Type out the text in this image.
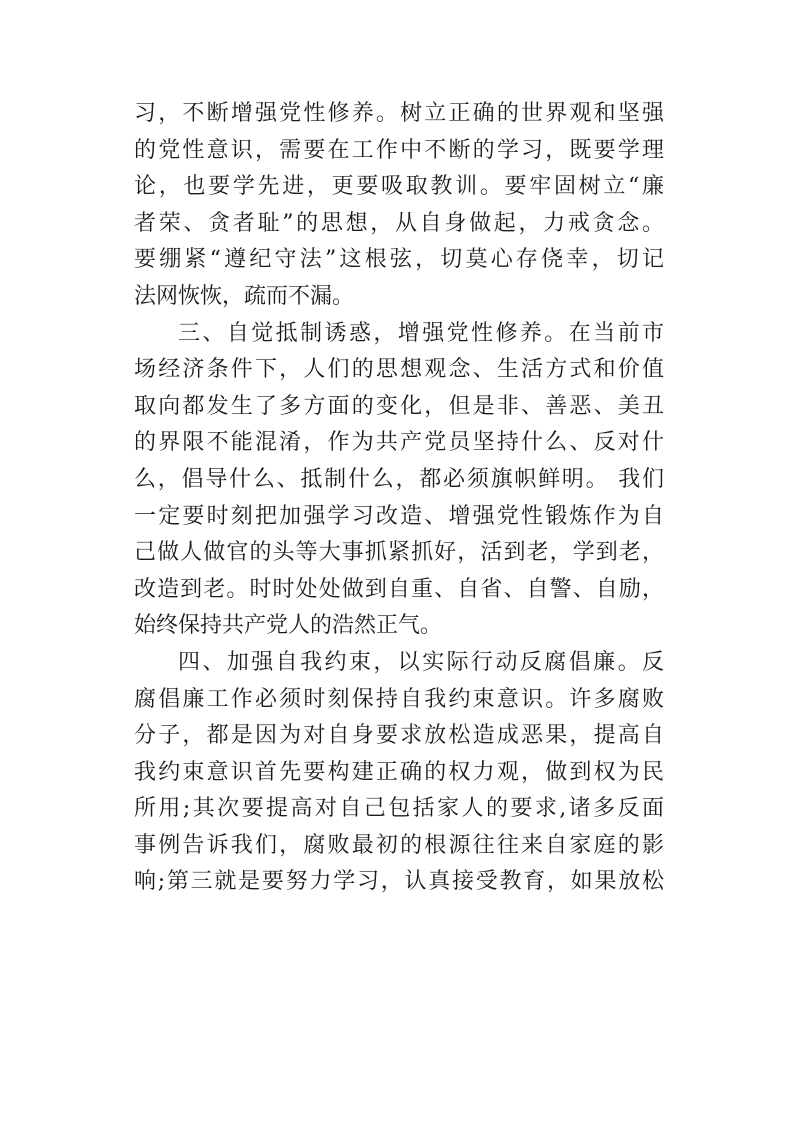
习，不断增强党性修养。树立正确的世界观和坚强
的党性意识，需要在工作中不断的学习，既要学理
论，也要学先进，更要吸取教训。要牢固树立“廉
者荣、贪者耻”的思想，从自身做起，力戒贪念。
要绷紧“遵纪守法”这根弦，切莫心存侥幸，切记
法网恢恢，疏而不漏。
三、自觉抵制诱惑，增强党性修养。在当前市
场经济条件下，人们的思想观念、生活方式和价值
取向都发生了多方面的变化，但是非、善恶、美丑
的界限不能混淆，作为共产党员坚持什么、反对什
么，倡导什么、抵制什么，都必须旗帜鲜明。 我们
一定要时刻把加强学习改造、增强党性锻炼作为自
己做人做官的头等大事抓紧抓好，活到老，学到老，
改造到老。时时处处做到自重、自省、自警、自励，
始终保持共产党人的浩然正气。
四、加强自我约束，以实际行动反腐倡廉。反
腐倡廉工作必须时刻保持自我约束意识。许多腐败
分子，都是因为对自身要求放松造成恶果，提高自
我约束意识首先要构建正确的权力观，做到权为民
所用;其次要提高对自己包括家人的要求,诸多反面
事例告诉我们，腐败最初的根源往往来自家庭的影
响;第三就是要努力学习，认真接受教育，如果放松
